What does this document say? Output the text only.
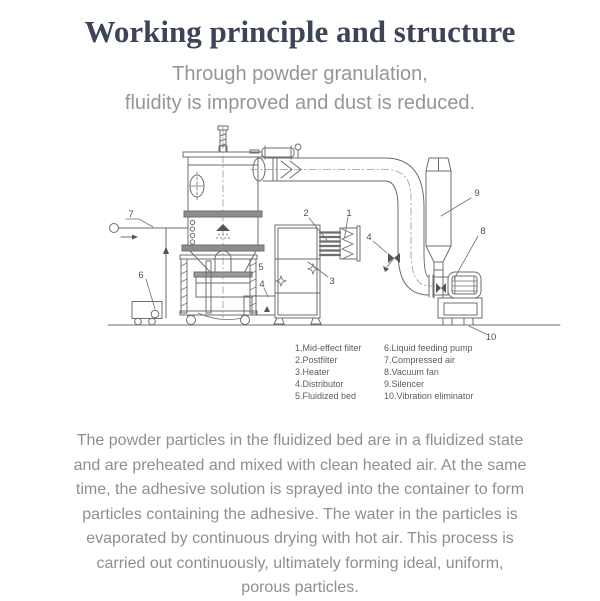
Working principle and structure
Through powder granulation,
fluidity is improved and dust is reduced.
1
2
3
4
4
5
6
7
8
9
10
1.Mid-effect filter
2.Postfilter
3.Heater
4.Distributor
5.Fluidized bed
6.Liquid feeding pump
7.Compressed air
8.Vacuum fan
9.Silencer
10.Vibration eliminator
The powder particles in the fluidized bed are in a fluidized state
and are preheated and mixed with clean heated air. At the same
time, the adhesive solution is sprayed into the container to form
particles containing the adhesive. The water in the particles is
evaporated by continuous drying with hot air. This process is
carried out continuously, ultimately forming ideal, uniform,
porous particles.
